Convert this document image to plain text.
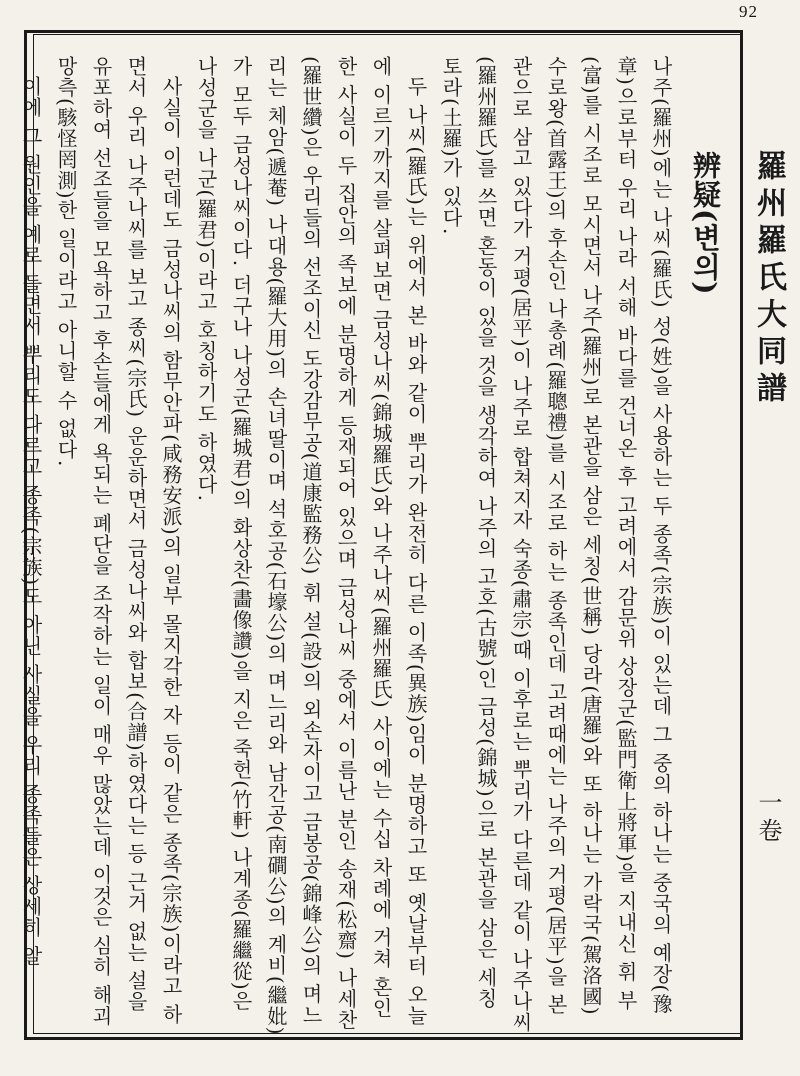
92
羅州羅氏大同譜
一卷
辨疑(변의)

나주(羅州)에는 나씨(羅氏) 성(姓)을 사용하는 두 종족(宗族)이 있는데 그 중의 하나는 중국의 예장(豫章)으로부터 우리 나라 서해 바다를 건너온 후 고려에서 감문위 상장군(監門衛上將軍)을 지내신 휘 부(富)를 시조로 모시면서 나주(羅州)로 본관을 삼은 세칭(世稱) 당라(唐羅)와 또 하나는 가락국(駕洛國) 수로왕(首露王)의 후손인 나총례(羅聰禮)를 시조로 하는 종족인데 고려때에는 나주의 거평(居平)을 본관으로 삼고 있다가 거평(居平)이 나주로 합쳐지자 숙종(肅宗)때 이후로는 뿌리가 다른데 같이 나주나씨(羅州羅氏)를 쓰면 혼동이 있을 것을 생각하여 나주의 고호(古號)인 금성(錦城)으로 본관을 삼은 세칭 토라(土羅)가 있다.

두 나씨(羅氏)는 위에서 본 바와 같이 뿌리가 완전히 다른 이족(異族)임이 분명하고 또 옛날부터 오늘에 이르기까지를 살펴보면 금성나씨(錦城羅氏)와 나주나씨(羅州羅氏) 사이에는 수십 차례에 거쳐 혼인한 사실이 두 집안의 족보에 분명하게 등재되어 있으며 금성나씨 중에서 이름난 분인 송재(松齋) 나세찬(羅世纘)은 우리들의 선조이신 도강감무공(道康監務公) 휘 설(設)의 외손자이고 금봉공(錦峰公)의 며느리는 체암(遞菴) 나대용(羅大用)의 손녀딸이며 석호공(石壕公)의 며느리와 남간공(南磵公)의 계비(繼妣)가 모두 금성나씨이다. 더구나 나성군(羅城君)의 화상찬(畵像讚)을 지은 죽헌(竹軒) 나계종(羅繼從)은 나성군을 나군(羅君)이라고 호칭하기도 하였다.

사실이 이런데도 금성나씨의 함무안파(咸務安派)의 일부 몰지각한 자 등이 같은 종족(宗族)이라고 하면서 우리 나주나씨를 보고 종씨(宗氏) 운운하면서 금성나씨와 합보(合譜)하였다는 등 근거 없는 설을 유포하여 선조들을 모욕하고 후손들에게 욕되는 폐단을 조작하는 일이 매우 많았는데 이것은 심히 해괴망측(駭怪罔測)한 일이라고 아니할 수 없다.

이에 그 원인을 예로 들면서 뿌리도 다르고 종족(宗族)도 아닌 사실을 우리 종족들은 상세히 알
